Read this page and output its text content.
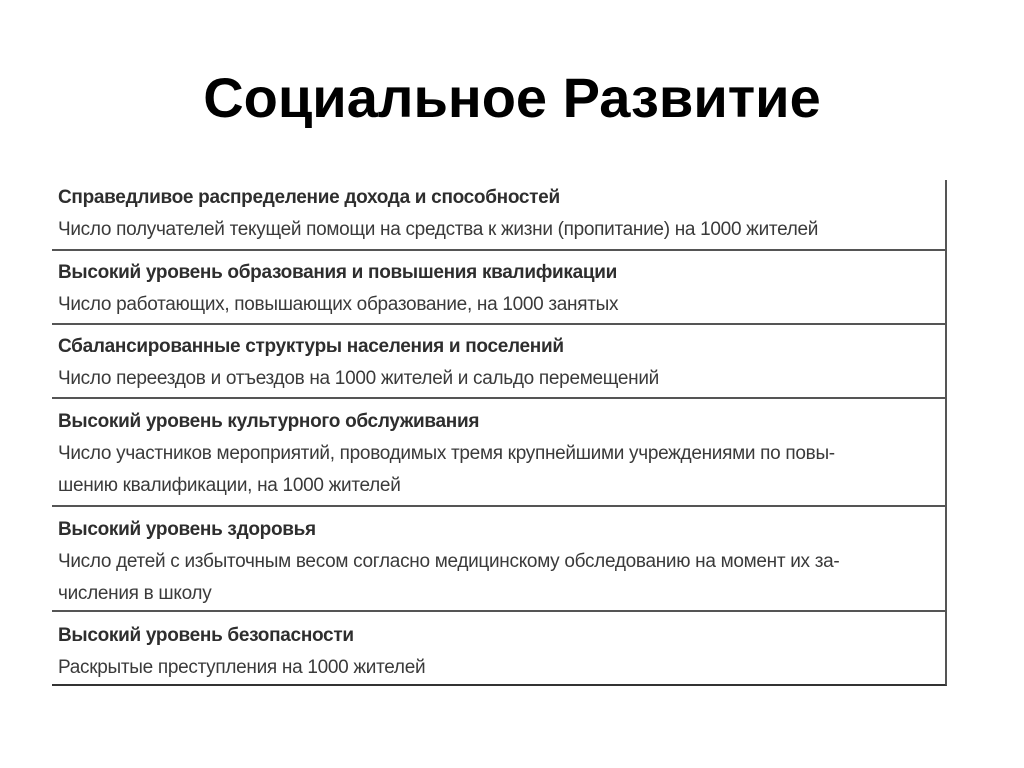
Социальное Развитие
Справедливое распределение дохода и способностей
Число получателей текущей помощи на средства к жизни (пропитание) на 1000 жителей
Высокий уровень образования и повышения квалификации
Число работающих, повышающих образование, на 1000 занятых
Сбалансированные структуры населения и поселений
Число переездов и отъездов на 1000 жителей и сальдо перемещений
Высокий уровень культурного обслуживания
Число участников мероприятий, проводимых тремя крупнейшими учреждениями по повы-
шению квалификации, на 1000 жителей
Высокий уровень здоровья
Число детей с избыточным весом согласно медицинскому обследованию на момент их за-
числения в школу
Высокий уровень безопасности
Раскрытые преступления на 1000 жителей
